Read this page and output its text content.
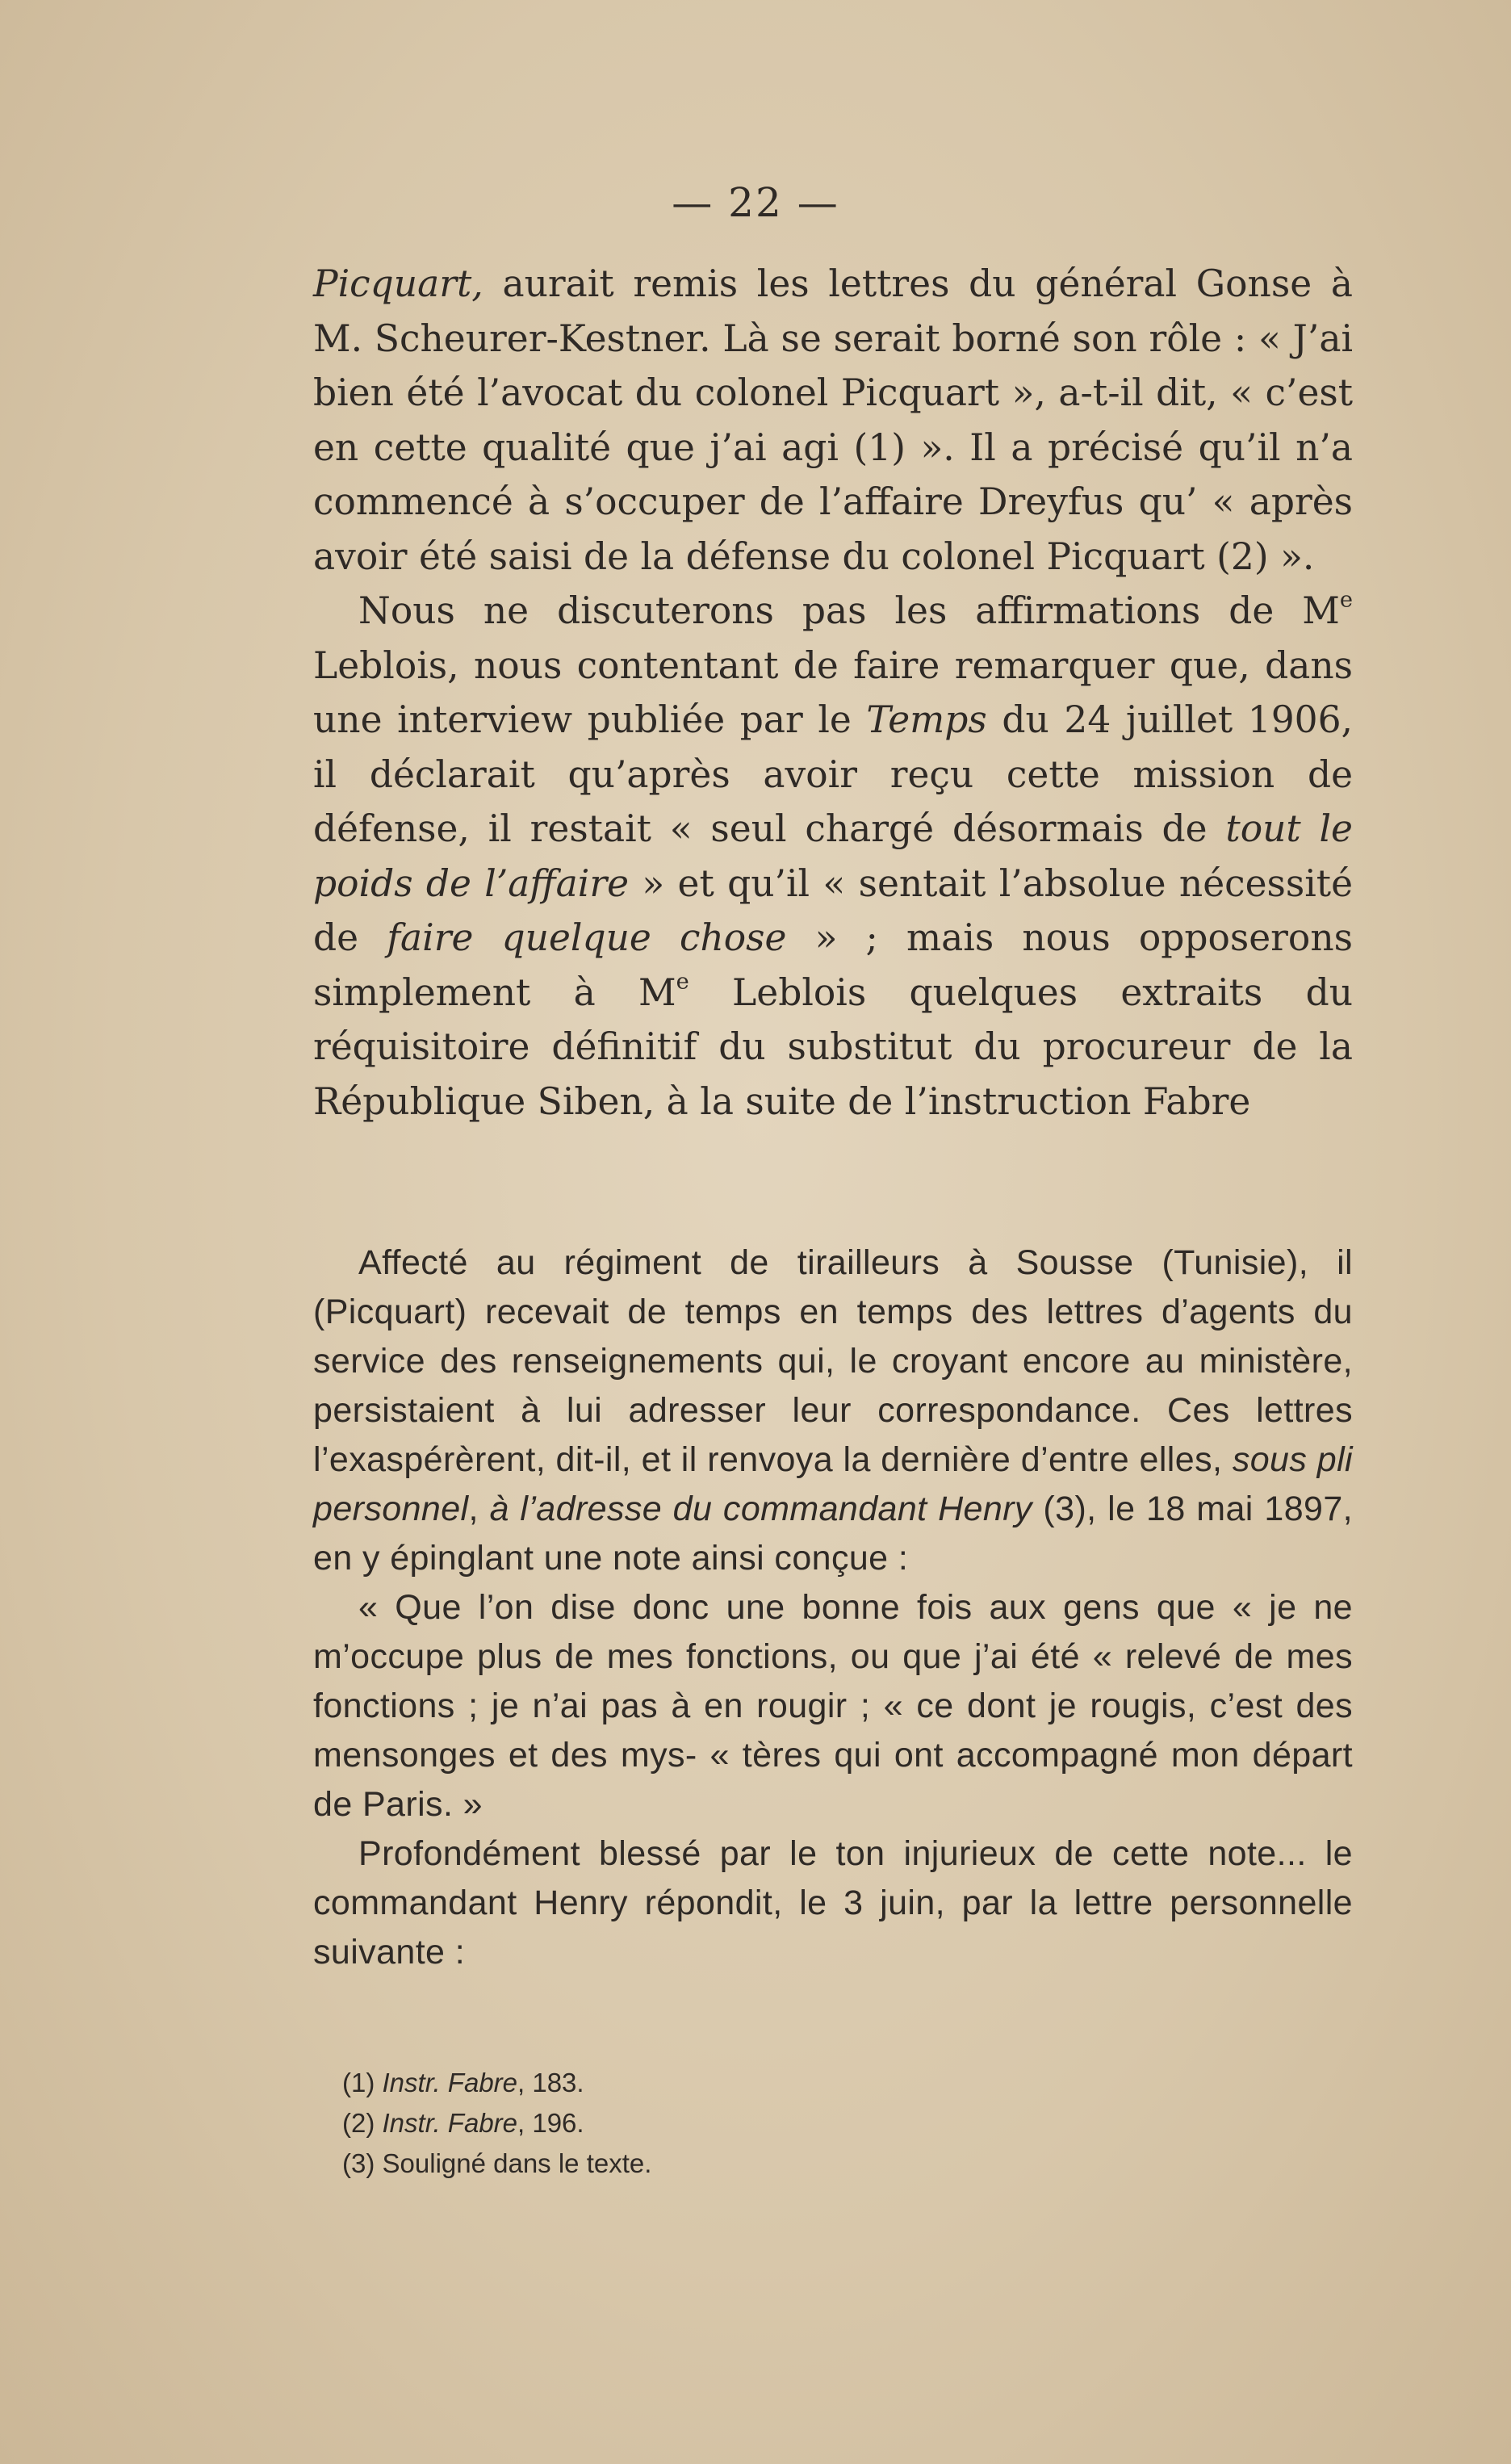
— 22 —

Picquart, aurait remis les lettres du général Gonse à M. Scheurer-Kestner. Là se serait borné son rôle : « J’ai bien été l’avocat du colonel Picquart », a-t-il dit, « c’est en cette qualité que j’ai agi (1) ». Il a précisé qu’il n’a commencé à s’occuper de l’affaire Dreyfus qu’ « après avoir été saisi de la défense du colonel Picquart (2) ».

Nous ne discuterons pas les affirmations de Me Leblois, nous contentant de faire remarquer que, dans une interview publiée par le Temps du 24 juillet 1906, il déclarait qu’après avoir reçu cette mission de défense, il restait « seul chargé désormais de tout le poids de l’affaire » et qu’il « sentait l’absolue nécessité de faire quelque chose » ; mais nous opposerons simplement à Me Leblois quelques extraits du réquisitoire définitif du substitut du procureur de la République Siben, à la suite de l’instruction Fabre

Affecté au régiment de tirailleurs à Sousse (Tunisie), il (Picquart) recevait de temps en temps des lettres d’agents du service des renseignements qui, le croyant encore au ministère, persistaient à lui adresser leur correspondance. Ces lettres l’exaspérèrent, dit-il, et il renvoya la dernière d’entre elles, sous pli personnel, à l’adresse du commandant Henry (3), le 18 mai 1897, en y épinglant une note ainsi conçue :

« Que l’on dise donc une bonne fois aux gens que « je ne m’occupe plus de mes fonctions, ou que j’ai été « relevé de mes fonctions ; je n’ai pas à en rougir ; « ce dont je rougis, c’est des mensonges et des mys- « tères qui ont accompagné mon départ de Paris. »

Profondément blessé par le ton injurieux de cette note... le commandant Henry répondit, le 3 juin, par la lettre personnelle suivante :

(1) Instr. Fabre, 183.

(2) Instr. Fabre, 196.

(3) Souligné dans le texte.
